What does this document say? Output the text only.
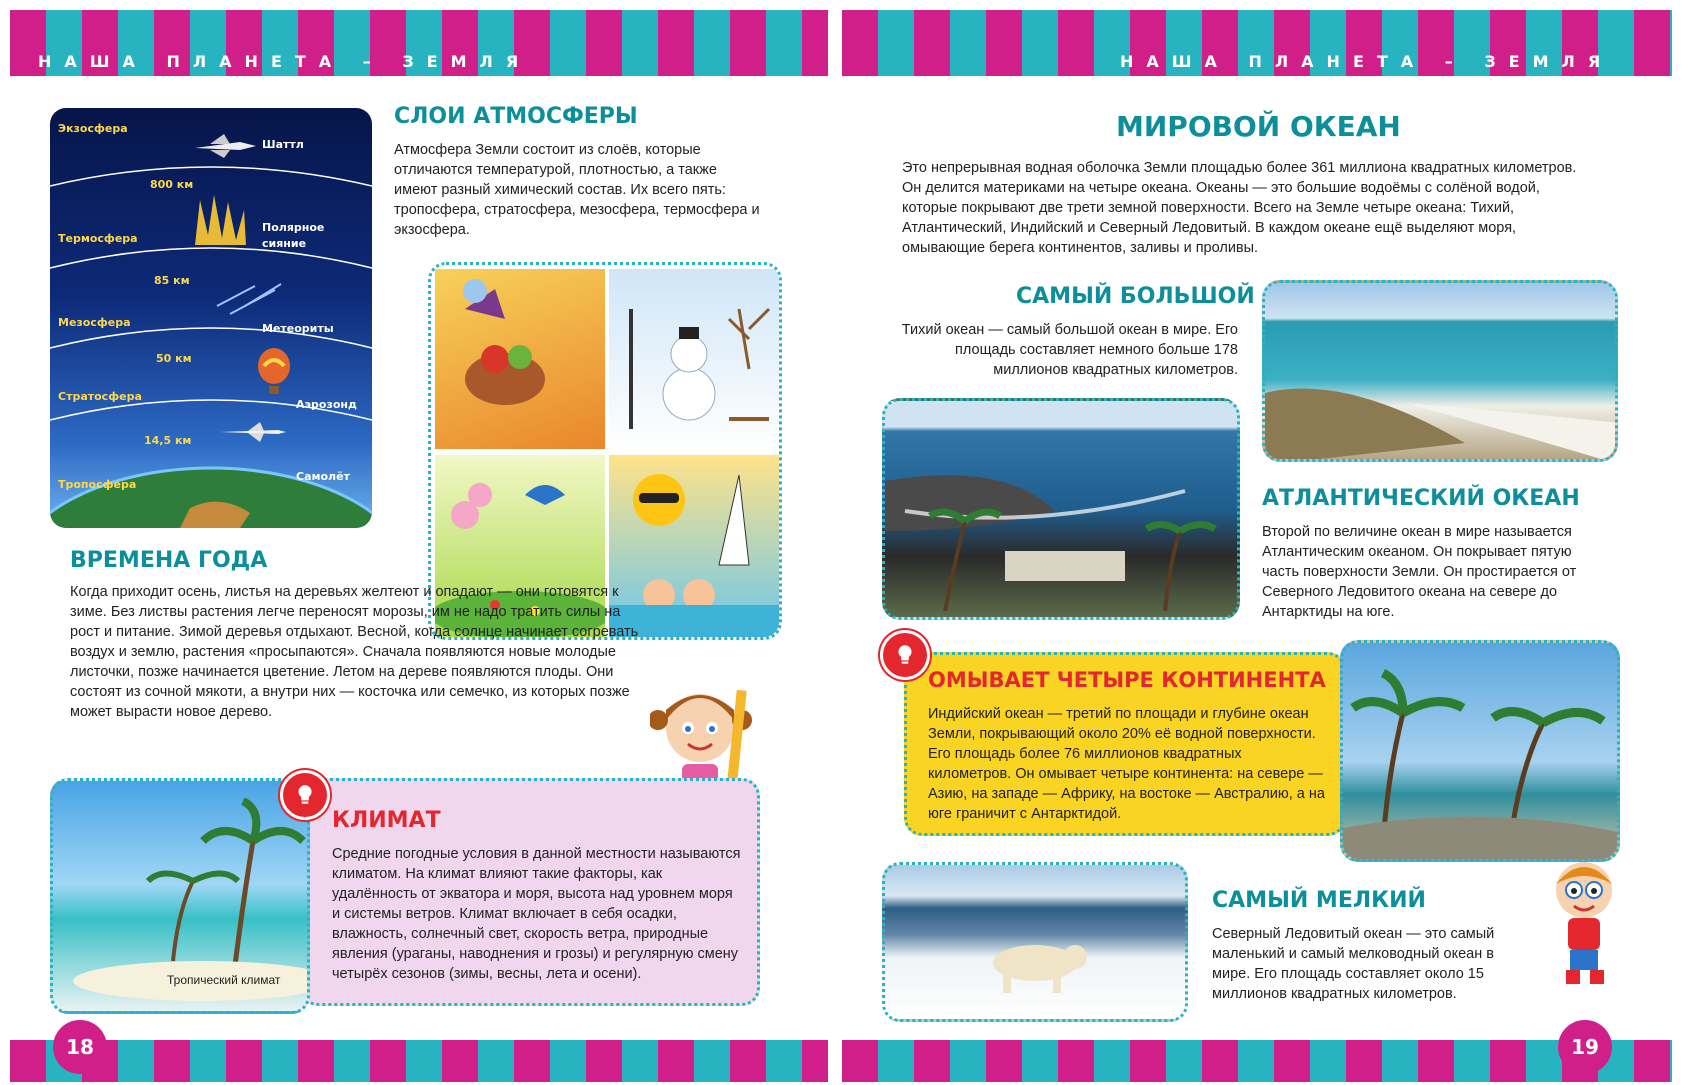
НАША ПЛАНЕТА – ЗЕМЛЯ	НАША ПЛАНЕТА – ЗЕМЛЯ
18	19
Экзосфера
Шаттл
800 км
Термосфера
Полярное сияние
85 км
Мезосфера	Метеориты
50 км
Стратосфера
Аэрозонд
14,5 км
Тропосфера
Самолёт
СЛОИ АТМОСФЕРЫ
Атмосфера Земли состоит из слоёв, которые отличаются температурой, плотностью, а также имеют разный химический состав. Их всего пять: тропосфера, стратосфера, мезосфера, термосфера и экзосфера.
ВРЕМЕНА ГОДА
Когда приходит осень, листья на деревьях желтеют и опадают — они готовятся к зиме. Без листвы растения легче переносят морозы, им не надо тратить силы на рост и питание. Зимой деревья отдыхают. Весной, когда солнце начинает согревать воздух и землю, растения «просыпаются». Сначала появляются новые молодые листочки, позже начинается цветение. Летом на дереве появляются плоды. Они состоят из сочной мякоти, а внутри них — косточка или семечко, из которых позже может вырасти новое дерево.
Тропический климат
КЛИМАТ
Средние погодные условия в данной местности называются климатом. На климат влияют такие факторы, как удалённость от экватора и моря, высота над уровнем моря и системы ветров. Климат включает в себя осадки, влажность, солнечный свет, скорость ветра, природные явления (ураганы, наводнения и грозы) и регулярную смену четырёх сезонов (зимы, весны, лета и осени).
МИРОВОЙ ОКЕАН
Это непрерывная водная оболочка Земли площадью более 361 миллиона квадратных километров. Он делится материками на четыре океана. Океаны — это большие водоёмы с солёной водой, которые покрывают две трети земной поверхности. Всего на Земле четыре океана: Тихий, Атлантический, Индийский и Северный Ледовитый. В каждом океане ещё выделяют моря, омывающие берега континентов, заливы и проливы.
САМЫЙ БОЛЬШОЙ
Тихий океан — самый большой океан в мире. Его площадь составляет немного больше 178 миллионов квадратных километров.
АТЛАНТИЧЕСКИЙ ОКЕАН
Второй по величине океан в мире называется Атлантическим океаном. Он покрывает пятую часть поверхности Земли. Он простирается от Северного Ледовитого океана на севере до Антарктиды на юге.
ОМЫВАЕТ ЧЕТЫРЕ КОНТИНЕНТА
Индийский океан — третий по площади и глубине океан Земли, покрывающий около 20% её водной поверхности. Его площадь более 76 миллионов квадратных километров. Он омывает четыре континента: на севере — Азию, на западе — Африку, на востоке — Австралию, а на юге граничит с Антарктидой.
САМЫЙ МЕЛКИЙ
Северный Ледовитый океан — это самый маленький и самый мелководный океан в мире. Его площадь составляет около 15 миллионов квадратных километров.
